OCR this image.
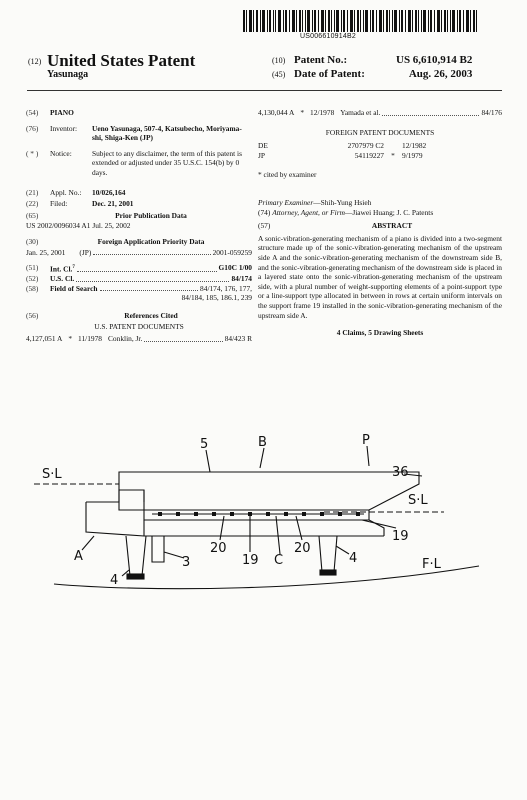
US006610914B2
(12) United States Patent
Yasunaga
(10) Patent No.:	US 6,610,914 B2
(45) Date of Patent:	Aug. 26, 2003
(54)	PIANO
(76)	Inventor:	Ueno Yasunaga, 507-4, Katsubecho, Moriyama-shi, Shiga-Ken (JP)
( * )	Notice:	Subject to any disclaimer, the term of this patent is extended or adjusted under 35 U.S.C. 154(b) by 0 days.
(21)	Appl. No.:	10/026,164
(22)	Filed:	Dec. 21, 2001
(65)	Prior Publication Data
US 2002/0096034 A1 Jul. 25, 2002
(30)	Foreign Application Priority Data
Jan. 25, 2001 (JP)	2001-059259
(51)	Int. Cl.$^7$	G10C 1/00
(52)	U.S. Cl.	84/174
(58)	Field of Search	84/174, 176, 177,
84/184, 185, 186.1, 239
(56)	References Cited
U.S. PATENT DOCUMENTS
4,127,051 A * 11/1978 Conklin, Jr.	84/423 R
4,130,044 A * 12/1978 Yamada et al.	84/176
FOREIGN PATENT DOCUMENTS
DE	2707979 C2 12/1982
JP	54119227 * 9/1979
* cited by examiner
Primary Examiner—Shih-Yung Hsieh
(74) Attorney, Agent, or Firm—Jiawei Huang; J. C. Patents
(57)	ABSTRACT
A sonic-vibration-generating mechanism of a piano is divided into a two-segment structure made up of the sonic-vibration-generating mechanism of the upstream side A and the sonic-vibration-generating mechanism of the downstream side B, and the sonic-vibration-generating mechanism of the downstream side is placed in a layered state onto the sonic-vibration-generating mechanism of the upstream side, with a plural number of weight-supporting elements of a point-support type or a line-support type allocated in between in rows at certain uniform intervals on the support frame 19 installed in the sonic-vibration-generating mechanism of the upstream side A.
4 Claims, 5 Drawing Sheets
5	B	P
S·L	36
S·L
A
20
19 C
20
19
3
4
4	F·L
